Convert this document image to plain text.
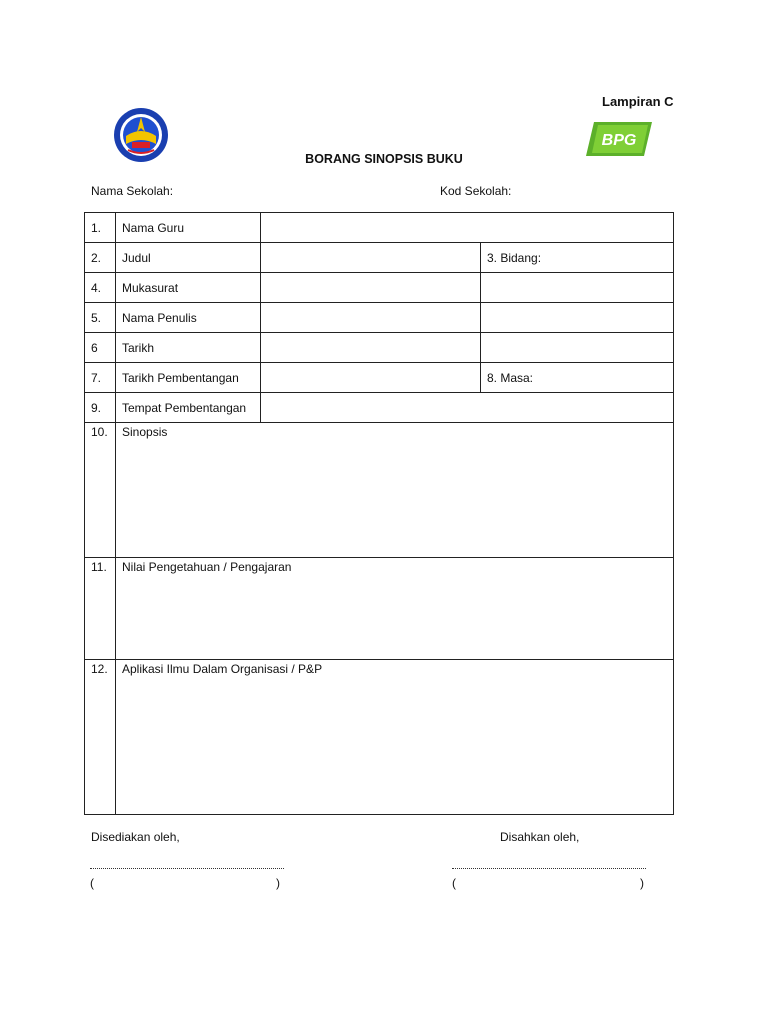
Lampiran C
BPG
BORANG SINOPSIS BUKU
Nama Sekolah:	Kod Sekolah:
1.	Nama Guru		
2.	Judul		3. Bidang:
4.	Mukasurat		
5.	Nama Penulis		
6	Tarikh		
7.	Tarikh Pembentangan		8. Masa:
9.	Tempat Pembentangan		
10.	Sinopsis		
11.	Nilai Pengetahuan / Pengajaran		
12.	Aplikasi Ilmu Dalam Organisasi / P&P		
Disediakan oleh,	Disahkan oleh,
(	)	(	)
